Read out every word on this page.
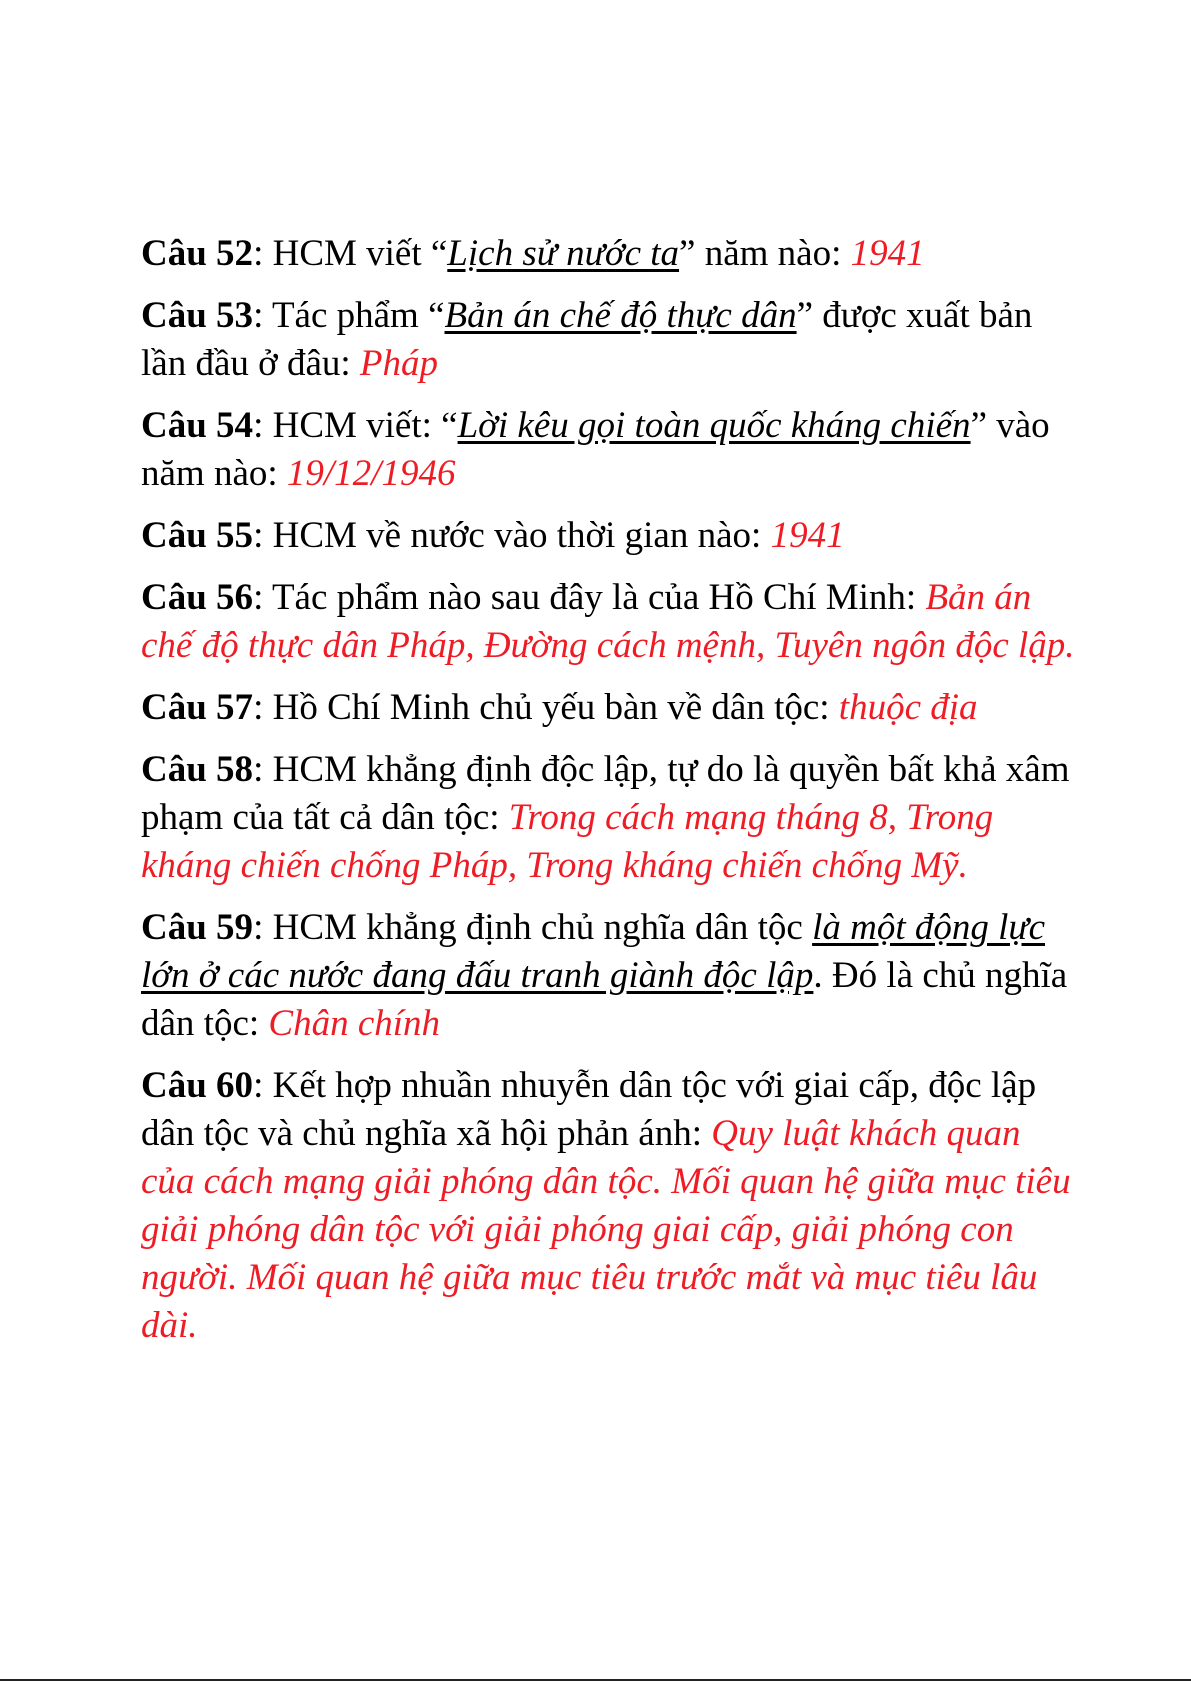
Câu 52: HCM viết “Lịch sử nước ta” năm nào: 1941

Câu 53: Tác phẩm “Bản án chế độ thực dân” được xuất bản lần đầu ở đâu: Pháp

Câu 54: HCM viết: “Lời kêu gọi toàn quốc kháng chiến” vào năm nào: 19/12/1946

Câu 55: HCM về nước vào thời gian nào: 1941

Câu 56: Tác phẩm nào sau đây là của Hồ Chí Minh: Bản án chế độ thực dân Pháp, Đường cách mệnh, Tuyên ngôn độc lập.

Câu 57: Hồ Chí Minh chủ yếu bàn về dân tộc: thuộc địa

Câu 58: HCM khẳng định độc lập, tự do là quyền bất khả xâm phạm của tất cả dân tộc: Trong cách mạng tháng 8, Trong kháng chiến chống Pháp, Trong kháng chiến chống Mỹ.

Câu 59: HCM khẳng định chủ nghĩa dân tộc là một động lực lớn ở các nước đang đấu tranh giành độc lập. Đó là chủ nghĩa dân tộc: Chân chính

Câu 60: Kết hợp nhuần nhuyễn dân tộc với giai cấp, độc lập dân tộc và chủ nghĩa xã hội phản ánh: Quy luật khách quan của cách mạng giải phóng dân tộc. Mối quan hệ giữa mục tiêu giải phóng dân tộc với giải phóng giai cấp, giải phóng con người. Mối quan hệ giữa mục tiêu trước mắt và mục tiêu lâu dài.
